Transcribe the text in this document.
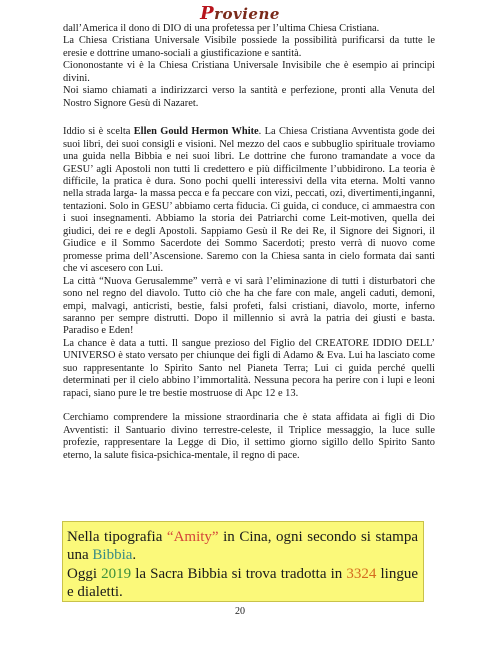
Proviene

dall’America il dono di DIO di una profetessa per l’ultima Chiesa Cristiana.

La Chiesa Cristiana Universale Visibile possiede la possibilità purificarsi da tutte le eresie e dottrine umano-sociali a giustificazione e santità.

Ciononostante vi è la Chiesa Cristiana Universale Invisibile che è esempio ai principi divini.

Noi siamo chiamati a indirizzarci verso la santità e perfezione, pronti alla Venuta del Nostro Signore Gesù di Nazaret.

Iddio si è scelta Ellen Gould Hermon White. La Chiesa Cristiana Avventista gode dei suoi libri, dei suoi consigli e visioni. Nel mezzo del caos e subbuglio spirituale troviamo una guida nella Bibbia e nei suoi libri. Le dottrine che furono tramandate a voce da GESU’ agli Apostoli non tutti li credettero e più difficilmente l’ubbidirono. La teoria è difficile, la pratica è dura. Sono pochi quelli interessivi della vita eterna. Molti vanno nella strada larga- la massa pecca e fa peccare con vizi, peccati, ozi, divertimenti,inganni, tentazioni. Solo in GESU’ abbiamo certa fiducia. Ci guida, ci conduce, ci ammaestra con i suoi insegnamenti. Abbiamo la storia dei Patriarchi come Leit-motiven, quella dei giudici, dei re e degli Apostoli. Sappiamo Gesù il Re dei Re, il Signore dei Signori, il Giudice e il Sommo Sacerdote dei Sommo Sacerdoti; presto verrà di nuovo come promesse prima dell’Ascensione. Saremo con la Chiesa santa in cielo formata dai santi che vi ascesero con Lui.

La città “Nuova Gerusalemme” verrà e vi sarà l’eliminazione di tutti i disturbatori che sono nel regno del diavolo. Tutto ciò che ha che fare con male, angeli caduti, demoni, empi, malvagi, anticristi, bestie, falsi profeti, falsi cristiani, diavolo, morte, inferno saranno per sempre distrutti. Dopo il millennio si avrà la patria dei giusti e basta. Paradiso e Eden!

La chance è data a tutti. Il sangue prezioso del Figlio del CREATORE IDDIO DELL’ UNIVERSO è stato versato per chiunque dei figli di Adamo & Eva. Lui ha lasciato come suo rappresentante lo Spirito Santo nel Pianeta Terra; Lui ci guida perché quelli determinati per il cielo abbino l’immortalità. Nessuna pecora ha perire con i lupi e leoni rapaci, siano pure le tre bestie mostruose di Apc 12 e 13.

Cerchiamo comprendere la missione straordinaria che è stata affidata ai figli di Dio Avventisti: il Santuario divino terrestre-celeste, il Triplice messaggio, la luce sulle profezie, rappresentare la Legge di Dio, il settimo giorno sigillo dello Spirito Santo eterno, la salute fisica-psichica-mentale, il regno di pace.

Nella tipografia “Amity” in Cina, ogni secondo si stampa una Bibbia.

Oggi 2019 la Sacra Bibbia si trova tradotta in 3324 lingue e dialetti.

20
